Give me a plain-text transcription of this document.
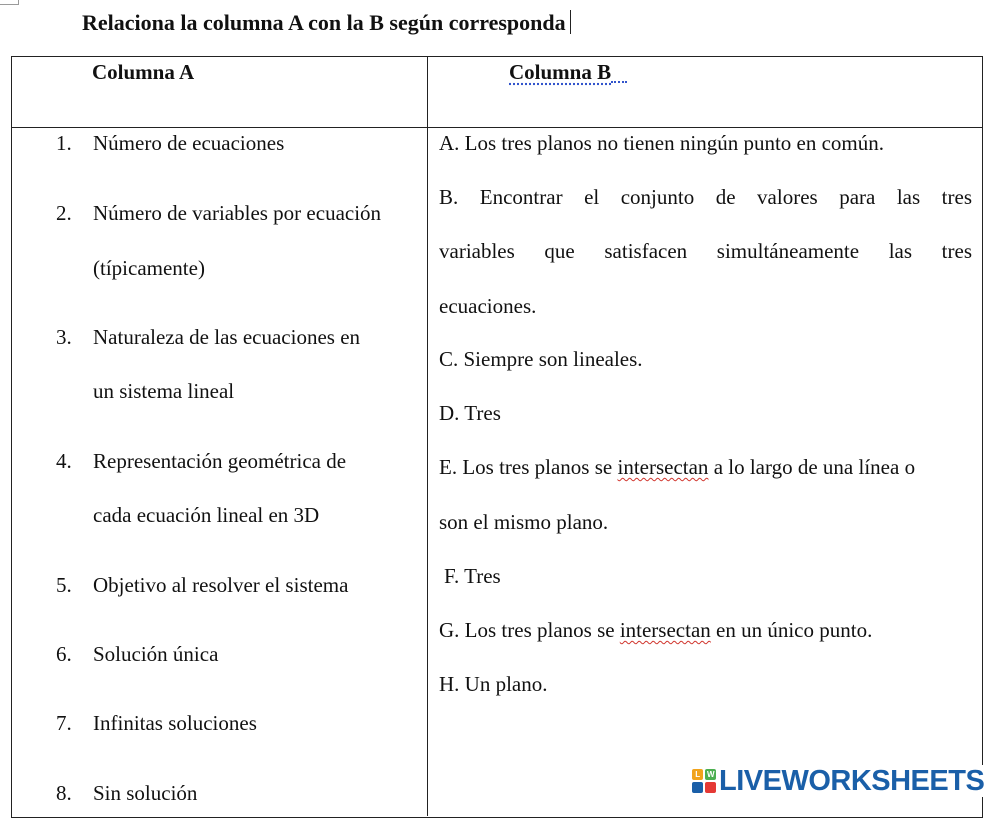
Relaciona la columna A con la B según corresponda
Columna A	Columna B
1. Número de ecuaciones
2. Número de variables por ecuación
(típicamente)
3. Naturaleza de las ecuaciones en
un sistema lineal
4. Representación geométrica de
cada ecuación lineal en 3D
5. Objetivo al resolver el sistema
6. Solución única
7. Infinitas soluciones
8. Sin solución
A. Los tres planos no tienen ningún punto en común.
B. Encontrar el conjunto de valores para las tres
variables que satisfacen simultáneamente las tres
ecuaciones.
C. Siempre son lineales.
D. Tres
E. Los tres planos se intersectan a lo largo de una línea o
son el mismo plano.
F. Tres
G. Los tres planos se intersectan en un único punto.
H. Un plano.
L W LIVEWORKSHEETS
